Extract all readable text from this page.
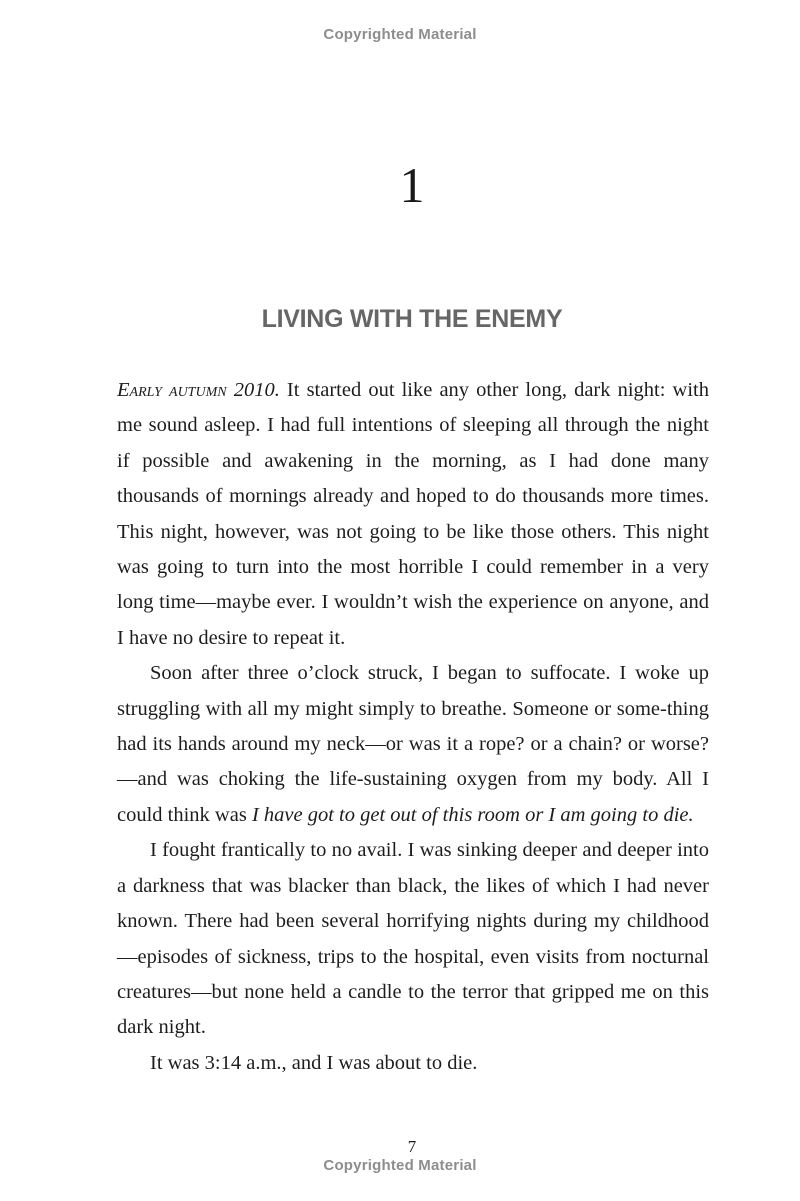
Copyrighted Material
1
LIVING WITH THE ENEMY

Early autumn 2010. It started out like any other long, dark night: with me sound asleep. I had full intentions of sleeping all through the night if possible and awakening in the morning, as I had done many thousands of mornings already and hoped to do thousands more times. This night, however, was not going to be like those others. This night was going to turn into the most horrible I could remember in a very long time—maybe ever. I wouldn’t wish the experience on anyone, and I have no desire to repeat it.

Soon after three o’clock struck, I began to suffocate. I woke up struggling with all my might simply to breathe. Someone or some-thing had its hands around my neck—or was it a rope? or a chain? or worse?—and was choking the life-sustaining oxygen from my body. All I could think was I have got to get out of this room or I am going to die.

I fought frantically to no avail. I was sinking deeper and deeper into a darkness that was blacker than black, the likes of which I had never known. There had been several horrifying nights during my childhood—episodes of sickness, trips to the hospital, even visits from nocturnal creatures—but none held a candle to the terror that gripped me on this dark night.

It was 3:14 a.m., and I was about to die.

7
Copyrighted Material
